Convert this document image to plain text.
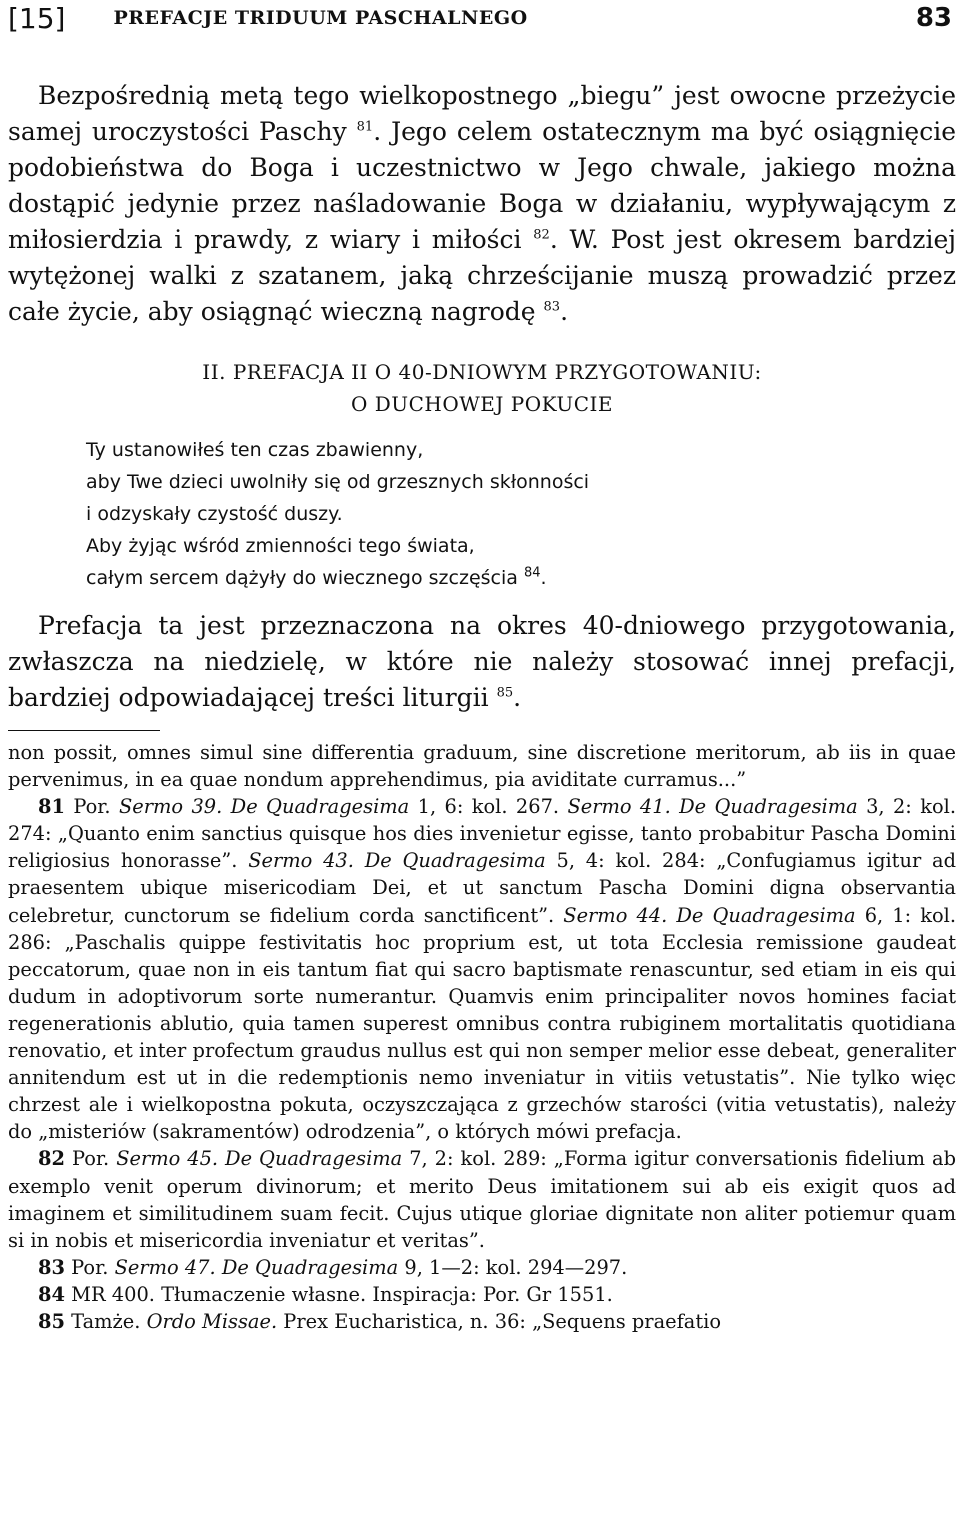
[15]	PREFACJE TRIDUUM PASCHALNEGO	83

Bezpośrednią metą tego wielkopostnego „biegu” jest owocne przeżycie samej uroczystości Paschy $^{81}$. Jego celem ostatecznym ma być osiągnięcie podobieństwa do Boga i uczestnictwo w Jego chwale, jakiego można dostąpić jedynie przez naśladowanie Boga w działaniu, wypływającym z miłosierdzia i prawdy, z wiary i miłości $^{82}$. W. Post jest okresem bardziej wytężonej walki z szatanem, jaką chrześcijanie muszą prowadzić przez całe życie, aby osiągnąć wieczną nagrodę $^{83}$.

II. PREFACJA II O 40-DNIOWYM PRZYGOTOWANIU:
O DUCHOWEJ POKUCIE
Ty ustanowiłeś ten czas zbawienny,
aby Twe dzieci uwolniły się od grzesznych skłonności
i odzyskały czystość duszy.
Aby żyjąc wśród zmienności tego świata,
całym sercem dążyły do wiecznego szczęścia $^{84}$.

Prefacja ta jest przeznaczona na okres 40-dniowego przygotowania, zwłaszcza na niedzielę, w które nie należy stosować innej prefacji, bardziej odpowiadającej treści liturgii $^{85}$.

non possit, omnes simul sine differentia graduum, sine discretione meritorum, ab iis in quae pervenimus, in ea quae nondum apprehendimus, pia aviditate curramus...”

81 Por. Sermo 39. De Quadragesima 1, 6: kol. 267. Sermo 41. De Quadragesima 3, 2: kol. 274: „Quanto enim sanctius quisque hos dies invenietur egisse, tanto probabitur Pascha Domini religiosius honorasse”. Sermo 43. De Quadragesima 5, 4: kol. 284: „Confugiamus igitur ad praesentem ubique misericodiam Dei, et ut sanctum Pascha Domini digna observantia celebretur, cunctorum se fidelium corda sanctificent”. Sermo 44. De Quadragesima 6, 1: kol. 286: „Paschalis quippe festivitatis hoc proprium est, ut tota Ecclesia remissione gaudeat peccatorum, quae non in eis tantum fiat qui sacro baptismate renascuntur, sed etiam in eis qui dudum in adoptivorum sorte numerantur. Quamvis enim principaliter novos homines faciat regenerationis ablutio, quia tamen superest omnibus contra rubiginem mortalitatis quotidiana renovatio, et inter profectum graudus nullus est qui non semper melior esse debeat, generaliter annitendum est ut in die redemptionis nemo inveniatur in vitiis vetustatis”. Nie tylko więc chrzest ale i wielkopostna pokuta, oczyszczająca z grzechów starości (vitia vetustatis), należy do „misteriów (sakramentów) odrodzenia”, o których mówi prefacja.

82 Por. Sermo 45. De Quadragesima 7, 2: kol. 289: „Forma igitur conversationis fidelium ab exemplo venit operum divinorum; et merito Deus imitationem sui ab eis exigit quos ad imaginem et similitudinem suam fecit. Cujus utique gloriae dignitate non aliter potiemur quam si in nobis et misericordia inveniatur et veritas”.

83 Por. Sermo 47. De Quadragesima 9, 1—2: kol. 294—297.

84 MR 400. Tłumaczenie własne. Inspiracja: Por. Gr 1551.

85 Tamże. Ordo Missae. Prex Eucharistica, n. 36: „Sequens praefatio
